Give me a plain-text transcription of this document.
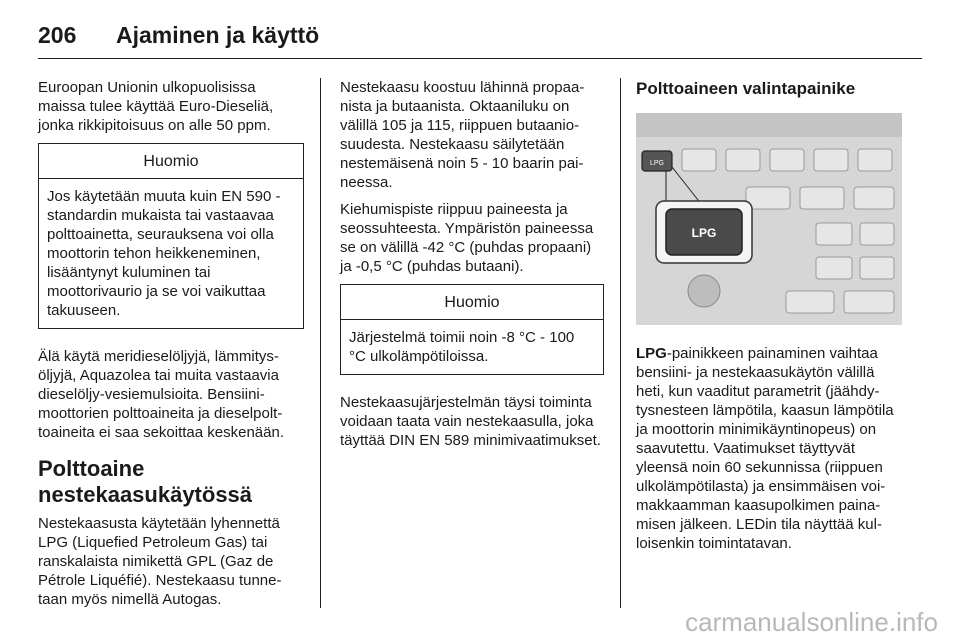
206 Ajaminen ja käyttö

Euroopan Unionin ulkopuolisissa maissa tulee käyttää Euro-Dieseliä, jonka rikkipitoisuus on alle 50 ppm.

Huomio
Jos käytetään muuta kuin EN 590 -standardin mukaista tai vastaavaa polttoainetta, seurauksena voi olla moottorin tehon heikkeneminen, lisääntynyt kuluminen tai moottorivaurio ja se voi vaikuttaa takuuseen.

Älä käytä meridieselöljyjä, lämmitysöljyjä, Aquazolea tai muita vastaavia dieselöljy-vesiemulsioita. Bensiinimoottorien polttoaineita ja dieselpolttoaineita ei saa sekoittaa keskenään.

Polttoaine
nestekaasukäytössä

Nestekaasusta käytetään lyhennettä LPG (Liquefied Petroleum Gas) tai ranskalaista nimikettä GPL (Gaz de Pétrole Liquéfié). Nestekaasu tunnetaan myös nimellä Autogas.

Nestekaasu koostuu lähinnä propaanista ja butaanista. Oktaaniluku on välillä 105 ja 115, riippuen butaaniosuudesta. Nestekaasu säilytetään nestemäisenä noin 5 - 10 baarin paineessa.

Kiehumispiste riippuu paineesta ja seossuhteesta. Ympäristön paineessa se on välillä -42 °C (puhdas propaani) ja -0,5 °C (puhdas butaani).

Huomio
Järjestelmä toimii noin -8 °C - 100 °C ulkolämpötiloissa.

Nestekaasujärjestelmän täysi toiminta voidaan taata vain nestekaasulla, joka täyttää DIN EN 589 minimivaatimukset.

Polttoaineen valintapainike
LPG
LPG

LPG-painikkeen painaminen vaihtaa bensiini- ja nestekaasukäytön välillä heti, kun vaaditut parametrit (jäähdytysnesteen lämpötila, kaasun lämpötila ja moottorin minimikäyntinopeus) on saavutettu. Vaatimukset täyttyvät yleensä noin 60 sekunnissa (riippuen ulkolämpötilasta) ja ensimmäisen voimakkaamman kaasupolkimen painamisen jälkeen. LEDin tila näyttää kulloisenkin toimintatavan.

carmanualsonline.info
